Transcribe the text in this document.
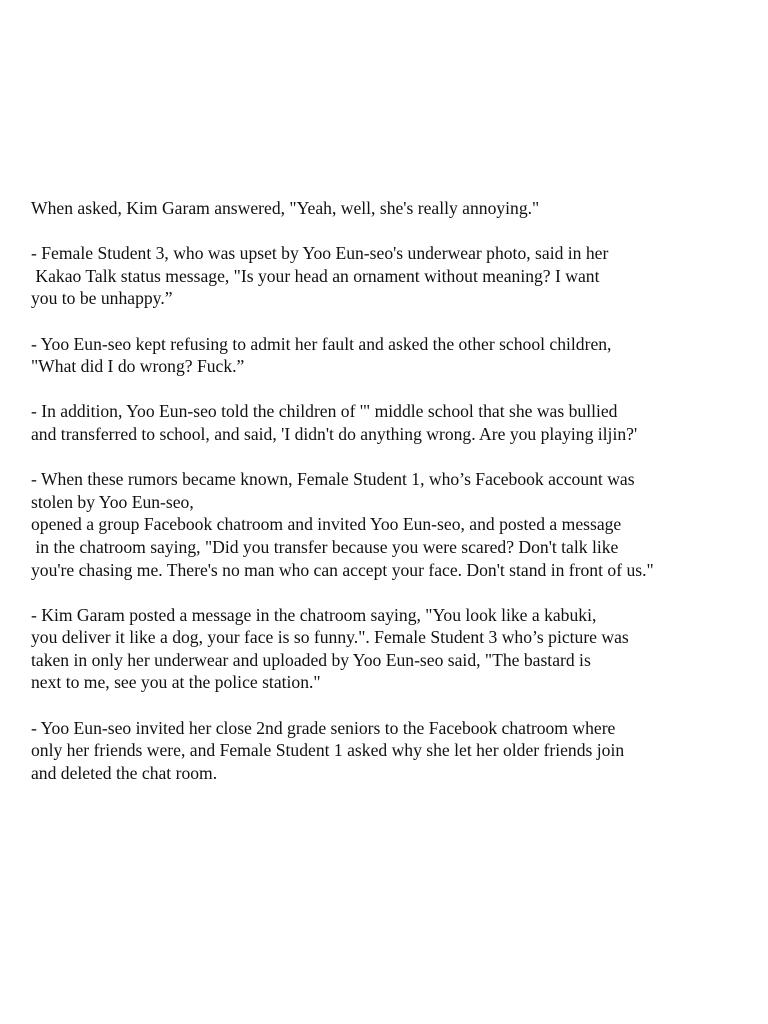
When asked, Kim Garam answered, "Yeah, well, she's really annoying."

- Female Student 3, who was upset by Yoo Eun-seo's underwear photo, said in her
Kakao Talk status message, "Is your head an ornament without meaning? I want
you to be unhappy.”

- Yoo Eun-seo kept refusing to admit her fault and asked the other school children,
"What did I do wrong? Fuck.”

- In addition, Yoo Eun-seo told the children of '" middle school that she was bullied
and transferred to school, and said, 'I didn't do anything wrong. Are you playing iljin?'

- When these rumors became known, Female Student 1, who’s Facebook account was
stolen by Yoo Eun-seo,
opened a group Facebook chatroom and invited Yoo Eun-seo, and posted a message
in the chatroom saying, "Did you transfer because you were scared? Don't talk like
you're chasing me. There's no man who can accept your face. Don't stand in front of us."

- Kim Garam posted a message in the chatroom saying, "You look like a kabuki,
you deliver it like a dog, your face is so funny.". Female Student 3 who’s picture was
taken in only her underwear and uploaded by Yoo Eun-seo said, "The bastard is
next to me, see you at the police station."

- Yoo Eun-seo invited her close 2nd grade seniors to the Facebook chatroom where
only her friends were, and Female Student 1 asked why she let her older friends join
and deleted the chat room.
